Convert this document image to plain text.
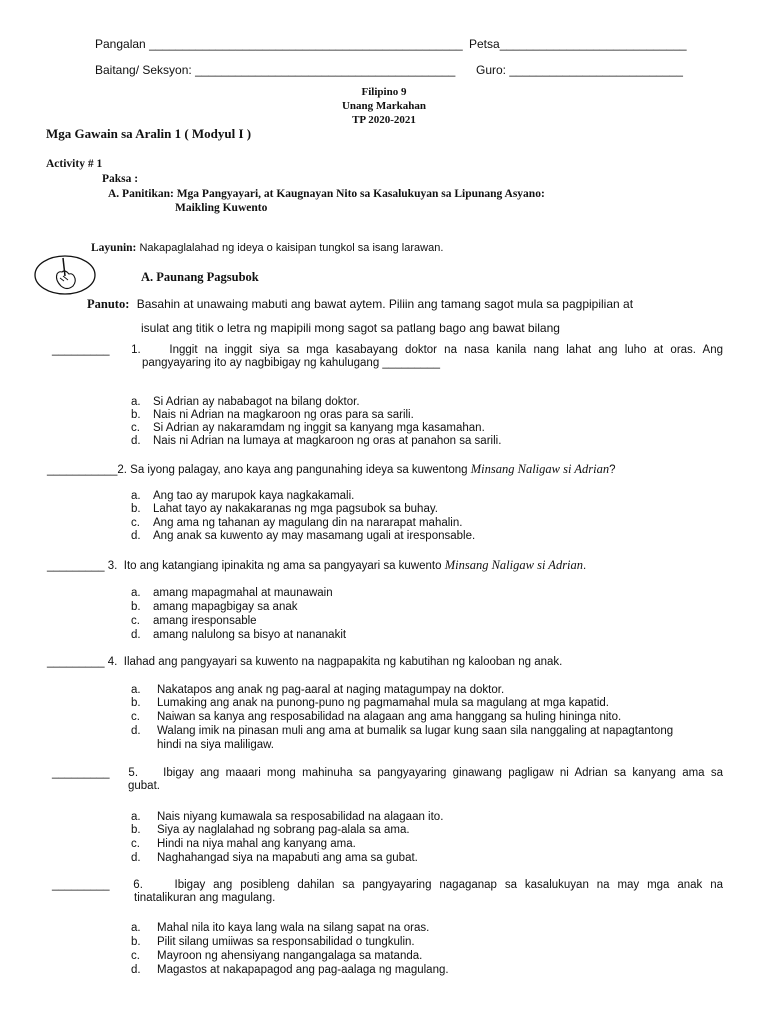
Pangalan _______________________________________________ Petsa____________________________
Baitang/ Seksyon: _______________________________________ Guro: __________________________
Filipino 9
Unang Markahan
TP 2020-2021
Mga Gawain sa Aralin 1 ( Modyul I )
Activity # 1
Paksa :
A. Panitikan: Mga Pangyayari, at Kaugnayan Nito sa Kasalukuyan sa Lipunang Asyano:
Maikling Kuwento
Layunin: Nakapaglalahad ng ideya o kaisipan tungkol sa isang larawan.
A. Paunang Pagsubok
Panuto: Basahin at unawaing mabuti ang bawat aytem. Piliin ang tamang sagot mula sa pagpipilian at
isulat ang titik o letra ng mapipili mong sagot sa patlang bago ang bawat bilang
_________ 1. Inggit na inggit siya sa mga kasabayang doktor na nasa kanila nang lahat ang luho at oras. Ang
pangyayaring ito ay nagbibigay ng kahulugang _________
a. Si Adrian ay nababagot na bilang doktor.
b. Nais ni Adrian na magkaroon ng oras para sa sarili.
c. Si Adrian ay nakaramdam ng inggit sa kanyang mga kasamahan.
d. Nais ni Adrian na lumaya at magkaroon ng oras at panahon sa sarili.
___________2. Sa iyong palagay, ano kaya ang pangunahing ideya sa kuwentong Minsang Naligaw si Adrian?
a. Ang tao ay marupok kaya nagkakamali.
b. Lahat tayo ay nakakaranas ng mga pagsubok sa buhay.
c. Ang ama ng tahanan ay magulang din na nararapat mahalin.
d. Ang anak sa kuwento ay may masamang ugali at iresponsable.
_________ 3. Ito ang katangiang ipinakita ng ama sa pangyayari sa kuwento Minsang Naligaw si Adrian.
a. amang mapagmahal at maunawain
b. amang mapagbigay sa anak
c. amang iresponsable
d. amang nalulong sa bisyo at nananakit
_________ 4. Ilahad ang pangyayari sa kuwento na nagpapakita ng kabutihan ng kalooban ng anak.
a. Nakatapos ang anak ng pag-aaral at naging matagumpay na doktor.
b. Lumaking ang anak na punong-puno ng pagmamahal mula sa magulang at mga kapatid.
c. Naiwan sa kanya ang resposabilidad na alagaan ang ama hanggang sa huling hininga nito.
d. Walang imik na pinasan muli ang ama at bumalik sa lugar kung saan sila nanggaling at napagtantong
hindi na siya maliligaw.
_________ 5. Ibigay ang maaari mong mahinuha sa pangyayaring ginawang pagligaw ni Adrian sa kanyang ama sa
gubat.
a. Nais niyang kumawala sa resposabilidad na alagaan ito.
b. Siya ay naglalahad ng sobrang pag-alala sa ama.
c. Hindi na niya mahal ang kanyang ama.
d. Naghahangad siya na mapabuti ang ama sa gubat.
_________ 6.	Ibigay ang posibleng dahilan sa pangyayaring nagaganap sa kasalukuyan na may mga anak na
tinatalikuran ang magulang.
a. Mahal nila ito kaya lang wala na silang sapat na oras.
b. Pilit silang umiiwas sa responsabilidad o tungkulin.
c. Mayroon ng ahensiyang nangangalaga sa matanda.
d. Magastos at nakapapagod ang pag-aalaga ng magulang.
